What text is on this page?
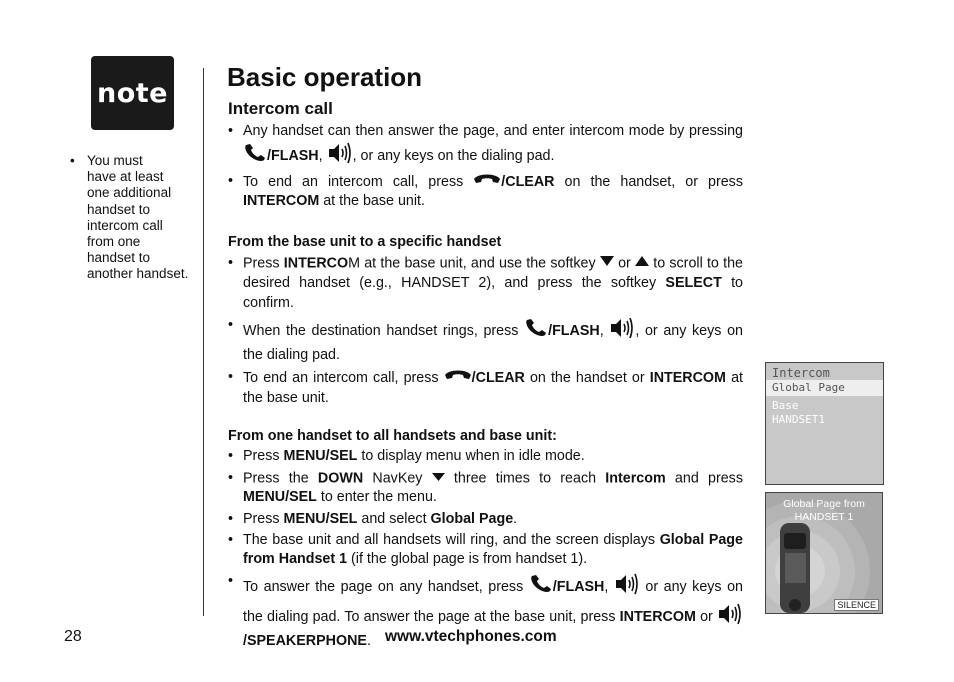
note
• You must
have at least
one additional
handset to
intercom call
from one
handset to
another handset.
Basic operation
Intercom call

• Any handset can then answer the page, and enter intercom mode by pressing /FLASH, , or any keys on the dialing pad.

• To end an intercom call, press /CLEAR on the handset, or press INTERCOM at the base unit.

From the base unit to a specific handset

• Press INTERCOM at the base unit, and use the softkey  or  to scroll to the desired handset (e.g., HANDSET 2), and press the softkey SELECT to confirm.

• When the destination handset rings, press /FLASH, , or any keys on the dialing pad.

• To end an intercom call, press /CLEAR on the handset or INTERCOM at the base unit.

From one handset to all handsets and base unit:

• Press MENU/SEL to display menu when in idle mode.

• Press the DOWN NavKey  three times to reach Intercom and press MENU/SEL to enter the menu.

• Press MENU/SEL and select Global Page.

• The base unit and all handsets will ring, and the screen displays Global Page from Handset 1 (if the global page is from handset 1).

• To answer the page on any handset, press /FLASH,  or any keys on the dialing pad. To answer the page at the base unit, press INTERCOM or /SPEAKERPHONE.

Intercom
Global Page
Base
HANDSET1
Global Page from
HANDSET 1
SILENCE
28	www.vtechphones.com
